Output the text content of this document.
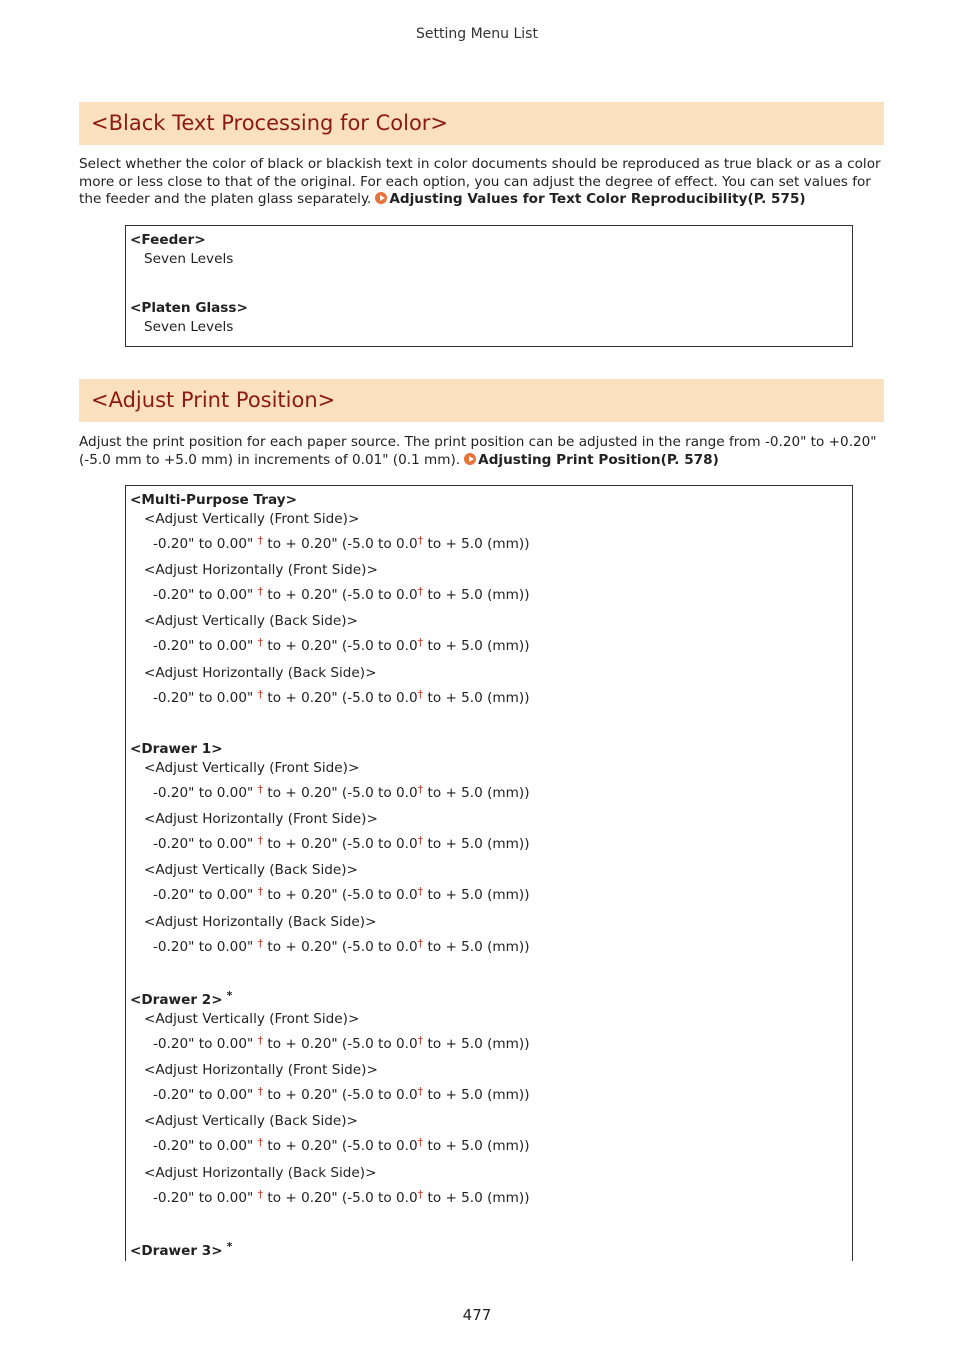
Setting Menu List
<Black Text Processing for Color>

Select whether the color of black or blackish text in color documents should be reproduced as true black or as a color more or less close to that of the original. For each option, you can adjust the degree of effect. You can set values for the feeder and the platen glass separately. Adjusting Values for Text Color Reproducibility(P. 575)

<Feeder>
Seven Levels
<Platen Glass>
Seven Levels
<Adjust Print Position>

Adjust the print position for each paper source. The print position can be adjusted in the range from -0.20" to +0.20" (-5.0 mm to +5.0 mm) in increments of 0.01" (0.1 mm). Adjusting Print Position(P. 578)

<Multi-Purpose Tray>
<Adjust Vertically (Front Side)>
-0.20" to 0.00" † to + 0.20" (-5.0 to 0.0† to + 5.0 (mm))
<Adjust Horizontally (Front Side)>
-0.20" to 0.00" † to + 0.20" (-5.0 to 0.0† to + 5.0 (mm))
<Adjust Vertically (Back Side)>
-0.20" to 0.00" † to + 0.20" (-5.0 to 0.0† to + 5.0 (mm))
<Adjust Horizontally (Back Side)>
-0.20" to 0.00" † to + 0.20" (-5.0 to 0.0† to + 5.0 (mm))
<Drawer 1>
<Adjust Vertically (Front Side)>
-0.20" to 0.00" † to + 0.20" (-5.0 to 0.0† to + 5.0 (mm))
<Adjust Horizontally (Front Side)>
-0.20" to 0.00" † to + 0.20" (-5.0 to 0.0† to + 5.0 (mm))
<Adjust Vertically (Back Side)>
-0.20" to 0.00" † to + 0.20" (-5.0 to 0.0† to + 5.0 (mm))
<Adjust Horizontally (Back Side)>
-0.20" to 0.00" † to + 0.20" (-5.0 to 0.0† to + 5.0 (mm))
<Drawer 2> *
<Adjust Vertically (Front Side)>
-0.20" to 0.00" † to + 0.20" (-5.0 to 0.0† to + 5.0 (mm))
<Adjust Horizontally (Front Side)>
-0.20" to 0.00" † to + 0.20" (-5.0 to 0.0† to + 5.0 (mm))
<Adjust Vertically (Back Side)>
-0.20" to 0.00" † to + 0.20" (-5.0 to 0.0† to + 5.0 (mm))
<Adjust Horizontally (Back Side)>
-0.20" to 0.00" † to + 0.20" (-5.0 to 0.0† to + 5.0 (mm))
<Drawer 3> *
477
